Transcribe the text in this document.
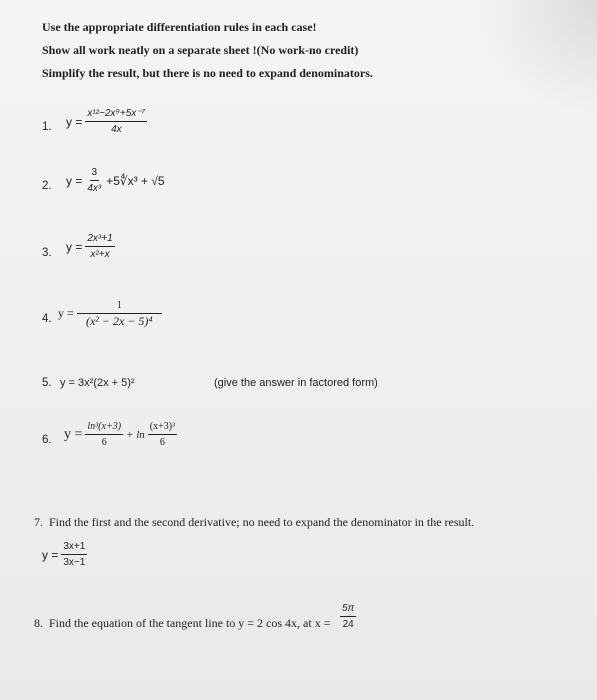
Use the appropriate differentiation rules in each case!

Show all work neatly on a separate sheet !(No work-no credit)

Simplify the result, but there is no need to expand denominators.

1. $y = \frac{\text{x¹²−2x⁹+5x⁻⁷}}{4x}$
2. $y = \frac{3}{\text{4x³}}$ +5∜x³ + √5
3. $y = \frac{\text{2x³+1}}{\text{x²+x}}$
4. $y = \frac{1}{\text{(x² − 2x − 5)⁴}}$
5. y = 3x²(2x + 5)²	(give the answer in factored form)
6. $y = \frac{\text{ln³(x+3)}}{6} + \ln \frac{\text{(x+3)³}}{6}$
7. Find the first and the second derivative; no need to expand the denominator in the result.
$y = \frac{3x+1}{3x-1}$
8. Find the equation of the tangent line to y = 2 cos 4x, at $x = \frac{5\pi}{24}$
